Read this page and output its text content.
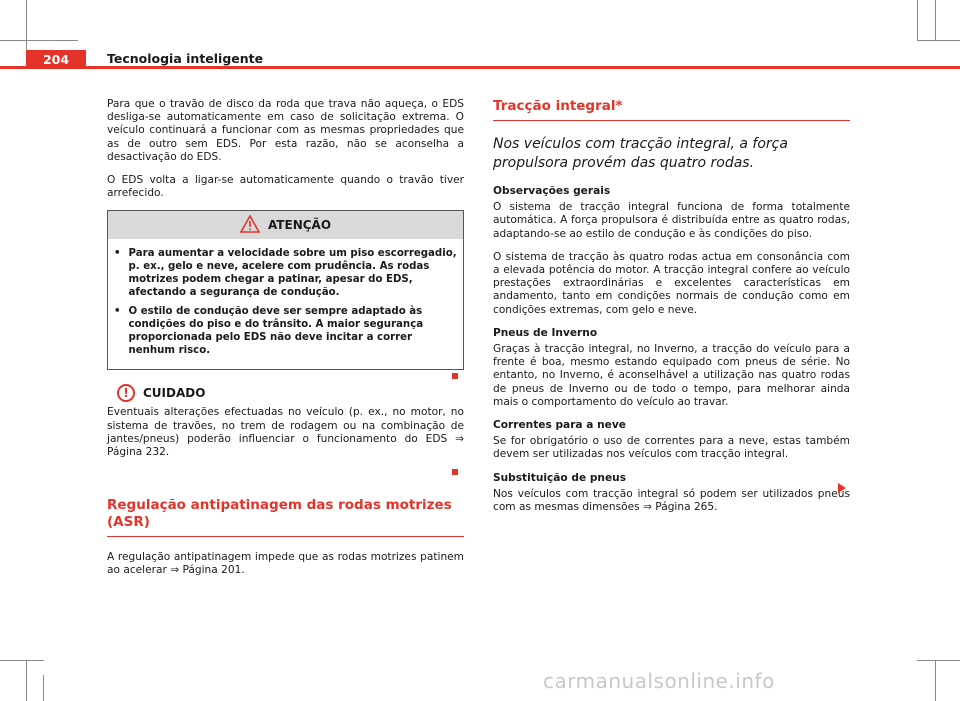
204	Tecnologia inteligente

Para que o travão de disco da roda que trava não aqueça, o EDS desliga-se automaticamente em caso de solicitação extrema. O veículo continuará a funcionar com as mesmas propriedades que as de outro sem EDS. Por esta razão, não se aconselha a desactivação do EDS.

O EDS volta a ligar-se automaticamente quando o travão tiver arrefecido.

ATENÇÃO
• Para aumentar a velocidade sobre um piso escorregadio, p. ex., gelo e neve, acelere com prudência. As rodas motrizes podem chegar a patinar, apesar do EDS, afectando a segurança de condução.
• O estilo de condução deve ser sempre adaptado às condições do piso e do trânsito. A maior segurança proporcionada pelo EDS não deve incitar a correr nenhum risco.
!	CUIDADO

Eventuais alterações efectuadas no veículo (p. ex., no motor, no sistema de travões, no trem de rodagem ou na combinação de jantes/pneus) poderão influenciar o funcionamento do EDS ⇒ Página 232.

Regulação antipatinagem das rodas motrizes (ASR)

A regulação antipatinagem impede que as rodas motrizes patinem ao acelerar ⇒ Página 201.

Tracção integral*

Nos veículos com tracção integral, a força propulsora provém das quatro rodas.

Observações gerais

O sistema de tracção integral funciona de forma totalmente automática. A força propulsora é distribuída entre as quatro rodas, adaptando-se ao estilo de condução e às condições do piso.

O sistema de tracção às quatro rodas actua em consonância com a elevada potência do motor. A tracção integral confere ao veículo prestações extraordinárias e excelentes características em andamento, tanto em condições normais de condução como em condições extremas, com gelo e neve.

Pneus de Inverno

Graças à tracção integral, no Inverno, a tracção do veículo para a frente é boa, mesmo estando equipado com pneus de série. No entanto, no Inverno, é aconselhável a utilização nas quatro rodas de pneus de Inverno ou de todo o tempo, para melhorar ainda mais o comportamento do veículo ao travar.

Correntes para a neve

Se for obrigatório o uso de correntes para a neve, estas também devem ser utilizadas nos veículos com tracção integral.

Substituição de pneus

Nos veículos com tracção integral só podem ser utilizados pneus com as mesmas dimensões ⇒ Página 265.

carmanualsonline.info
